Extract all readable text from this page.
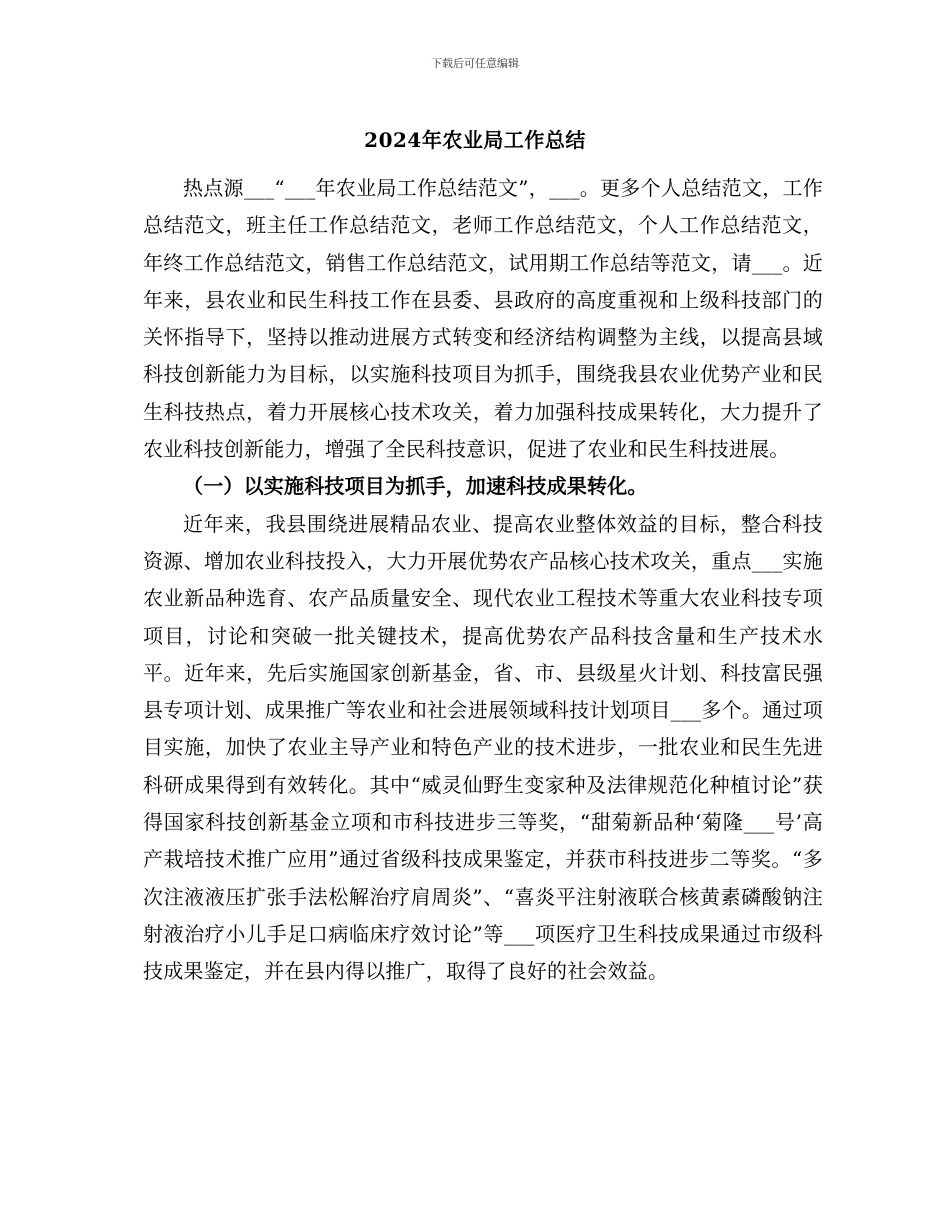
下载后可任意编辑
2024年农业局工作总结

热点源___“___年农业局工作总结范文”，___。更多个人总结范文，工作总结范文，班主任工作总结范文，老师工作总结范文，个人工作总结范文，年终工作总结范文，销售工作总结范文，试用期工作总结等范文，请___。近年来，县农业和民生科技工作在县委、县政府的高度重视和上级科技部门的关怀指导下，坚持以推动进展方式转变和经济结构调整为主线，以提高县域科技创新能力为目标，以实施科技项目为抓手，围绕我县农业优势产业和民生科技热点，着力开展核心技术攻关，着力加强科技成果转化，大力提升了农业科技创新能力，增强了全民科技意识，促进了农业和民生科技进展。

（一）以实施科技项目为抓手，加速科技成果转化。

近年来，我县围绕进展精品农业、提高农业整体效益的目标，整合科技资源、增加农业科技投入，大力开展优势农产品核心技术攻关，重点___实施农业新品种选育、农产品质量安全、现代农业工程技术等重大农业科技专项项目，讨论和突破一批关键技术，提高优势农产品科技含量和生产技术水平。近年来，先后实施国家创新基金，省、市、县级星火计划、科技富民强县专项计划、成果推广等农业和社会进展领域科技计划项目___多个。通过项目实施，加快了农业主导产业和特色产业的技术进步，一批农业和民生先进科研成果得到有效转化。其中“威灵仙野生变家种及法律规范化种植讨论”获得国家科技创新基金立项和市科技进步三等奖，“甜菊新品种‘菊隆___号’高产栽培技术推广应用”通过省级科技成果鉴定，并获市科技进步二等奖。“多次注液液压扩张手法松解治疗肩周炎”、“喜炎平注射液联合核黄素磷酸钠注射液治疗小儿手足口病临床疗效讨论”等___项医疗卫生科技成果通过市级科技成果鉴定，并在县内得以推广，取得了良好的社会效益。
